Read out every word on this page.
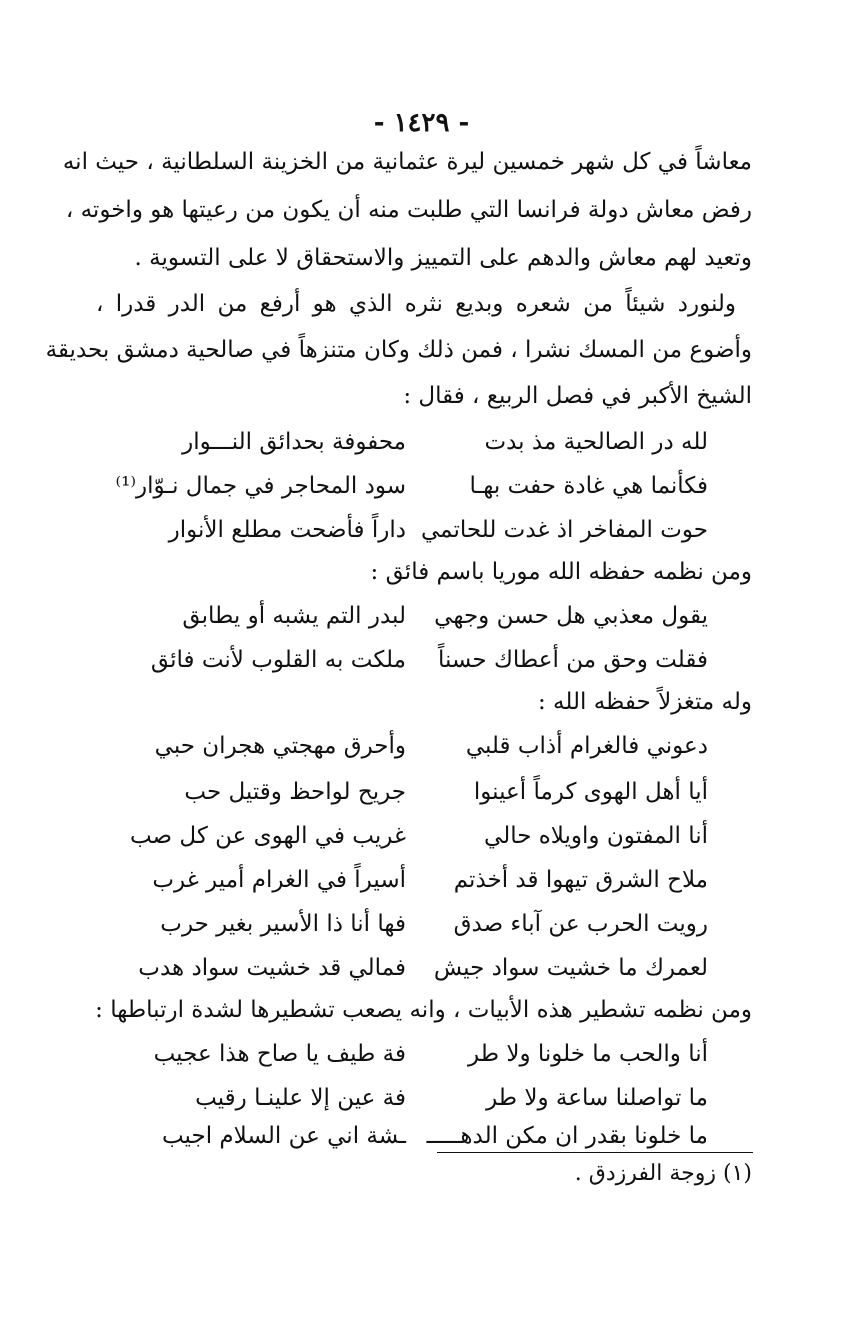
- ١٤٢٩ -
معاشاً في كل شهر خمسين ليرة عثمانية من الخزينة السلطانية ، حيث انه
رفض معاش دولة فرانسا التي طلبت منه أن يكون من رعيتها هو واخوته ،
وتعيد لهم معاش والدهم على التمييز والاستحقاق لا على التسوية .
ولنورد شيئاً من شعره وبديع نثره الذي هو أرفع من الدر قدرا ،
وأضوع من المسك نشرا ، فمن ذلك وكان متنزهاً في صالحية دمشق بحديقة
الشيخ الأكبر في فصل الربيع ، فقال :
لله در الصالحية مذ بدت
محفوفة بحدائق النـــوار
فكأنما هي غادة حفت بهـا
سود المحاجر في جمال نـوّار⁽¹⁾
حوت المفاخر اذ غدت للحاتمي
داراً فأضحت مطلع الأنوار
ومن نظمه حفظه الله موريا باسم فائق :
يقول معذبي هل حسن وجهي
لبدر التم يشبه أو يطابق
فقلت وحق من أعطاك حسناً
ملكت به القلوب لأنت فائق
وله متغزلاً حفظه الله :
دعوني فالغرام أذاب قلبي
وأحرق مهجتي هجران حبي
أيا أهل الهوى كرماً أعينوا
جريح لواحظ وقتيل حب
أنا المفتون واويلاه حالي
غريب في الهوى عن كل صب
ملاح الشرق تيهوا قد أخذتم
أسيراً في الغرام أمير غرب
رويت الحرب عن آباء صدق
فها أنا ذا الأسير بغير حرب
لعمرك ما خشيت سواد جيش
فمالي قد خشيت سواد هدب
ومن نظمه تشطير هذه الأبيات ، وانه يصعب تشطيرها لشدة ارتباطها :
أنا والحب ما خلونا ولا طر
فة طيف يا صاح هذا عجيب
ما تواصلنا ساعة ولا طر
فة عين إلا علينـا رقيب
ما خلونا بقدر ان مكن الدهـــــ
ـشة اني عن السلام اجيب
(١) زوجة الفرزدق .
